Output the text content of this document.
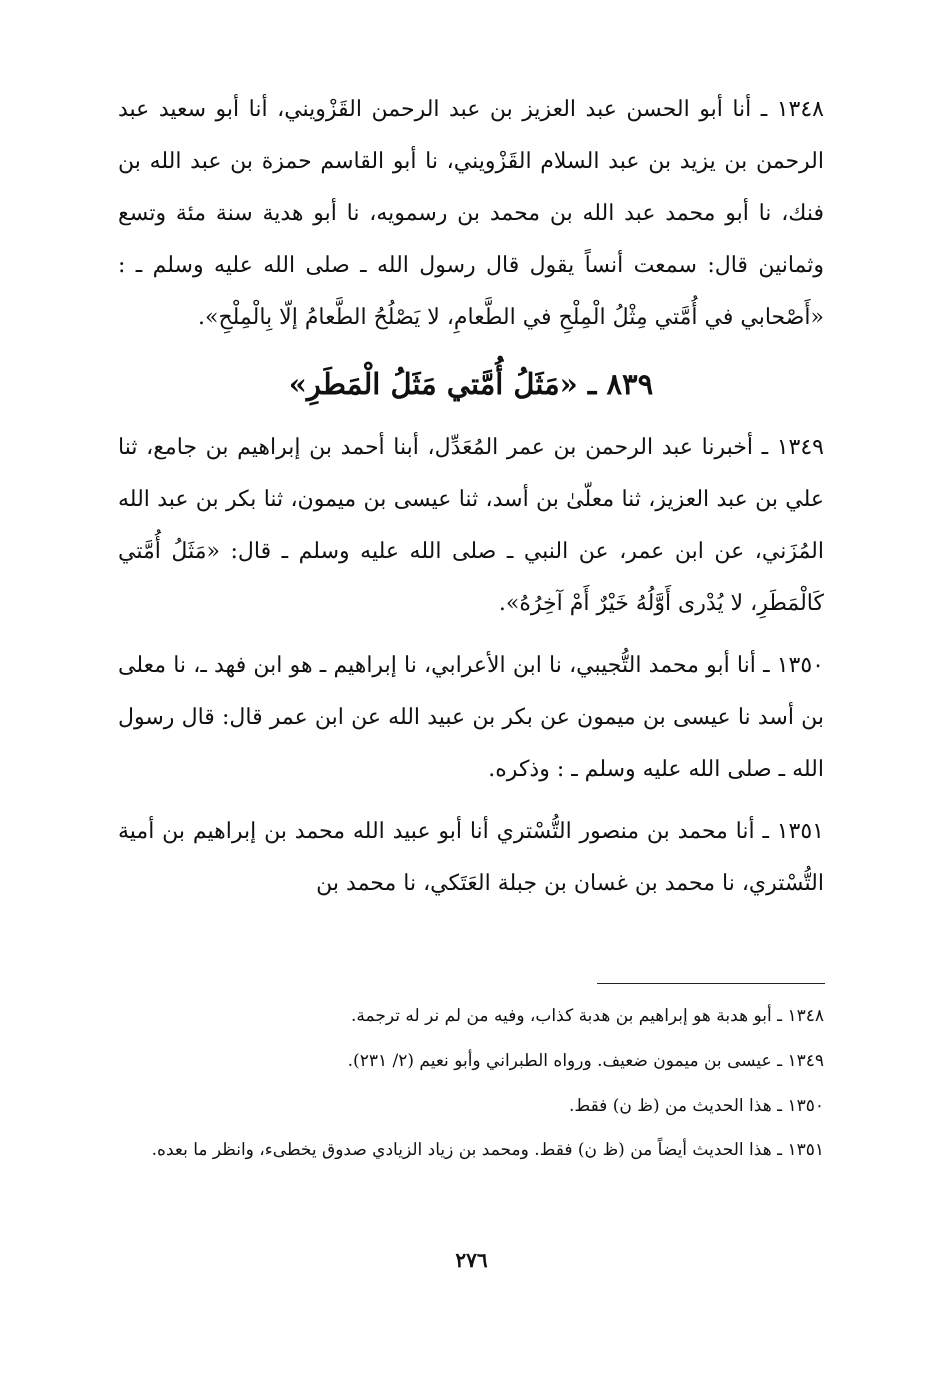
١٣٤٨ ـ أنا أبو الحسن عبد العزيز بن عبد الرحمن القَزْويني، أنا أبو سعيد عبد الرحمن بن يزيد بن عبد السلام القَزْويني، نا أبو القاسم حمزة بن عبد الله بن فنك، نا أبو محمد عبد الله بن محمد بن رسمويه، نا أبو هدية سنة مئة وتسع وثمانين قال: سمعت أنساً يقول قال رسول الله ـ صلى الله عليه وسلم ـ : «أَصْحابي في أُمَّتي مِثْلُ الْمِلْحِ في الطَّعامِ، لا يَصْلُحُ الطَّعامُ إلّا بِالْمِلْحِ».

٨٣٩ ـ «مَثَلُ أُمَّتي مَثَلُ الْمَطَرِ»

١٣٤٩ ـ أخبرنا عبد الرحمن بن عمر المُعَدِّل، أبنا أحمد بن إبراهيم بن جامع، ثنا علي بن عبد العزيز، ثنا معلّىٰ بن أسد، ثنا عيسى بن ميمون، ثنا بكر بن عبد الله المُزَني، عن ابن عمر، عن النبي ـ صلى الله عليه وسلم ـ قال: «مَثَلُ أُمَّتي كَالْمَطَرِ، لا يُدْرى أَوَّلُهُ خَيْرٌ أَمْ آخِرُهُ».

١٣٥٠ ـ أنا أبو محمد التُّجيبي، نا ابن الأعرابي، نا إبراهيم ـ هو ابن فهد ـ، نا معلى بن أسد نا عيسى بن ميمون عن بكر بن عبيد الله عن ابن عمر قال: قال رسول الله ـ صلى الله عليه وسلم ـ : وذكره.

١٣٥١ ـ أنا محمد بن منصور التُّسْتري أنا أبو عبيد الله محمد بن إبراهيم بن أمية التُّسْتري، نا محمد بن غسان بن جبلة العَتَكي، نا محمد بن

١٣٤٨ ـ أبو هدبة هو إبراهيم بن هدبة كذاب، وفيه من لم نر له ترجمة.

١٣٤٩ ـ عيسى بن ميمون ضعيف. ورواه الطبراني وأبو نعيم (٢/ ٢٣١).

١٣٥٠ ـ هذا الحديث من (ظ ن) فقط.

١٣٥١ ـ هذا الحديث أيضاً من (ظ ن) فقط. ومحمد بن زياد الزيادي صدوق يخطىء، وانظر ما بعده.

٢٧٦
